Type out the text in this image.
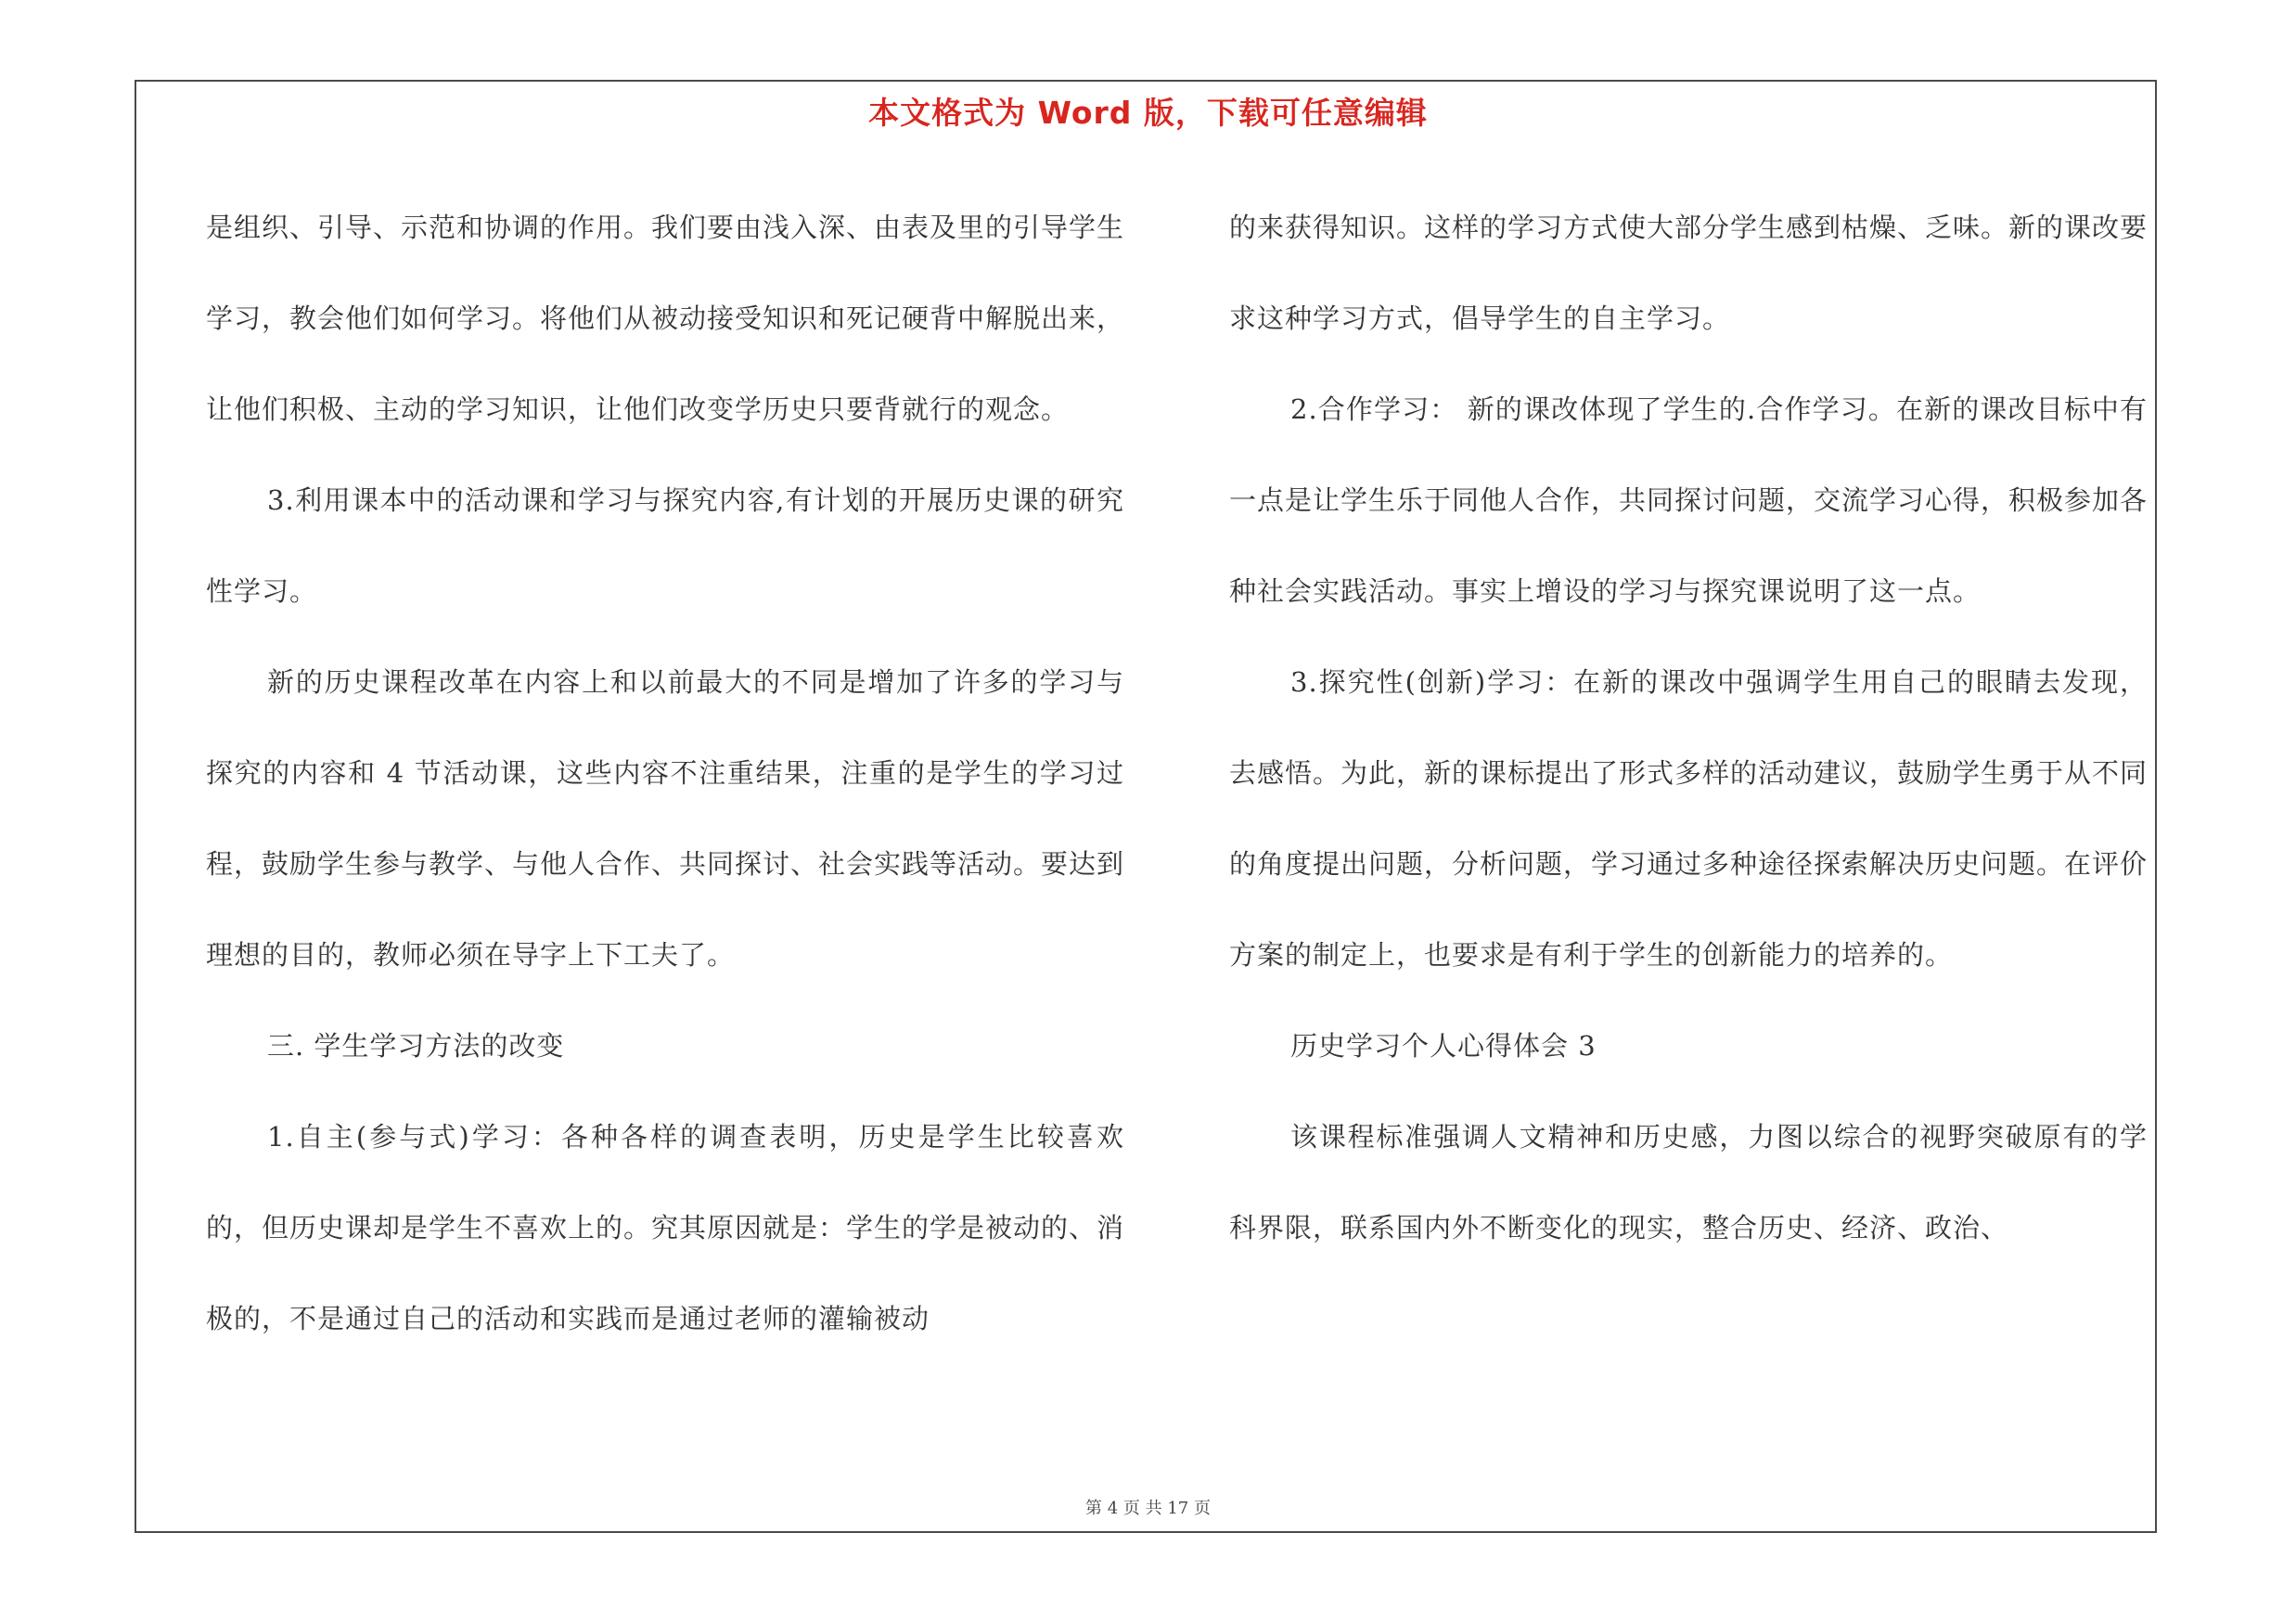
本文格式为 Word 版，下载可任意编辑

是组织、引导、示范和协调的作用。我们要由浅入深、由表及里的引导学生学习，教会他们如何学习。将他们从被动接受知识和死记硬背中解脱出来，让他们积极、主动的学习知识，让他们改变学历史只要背就行的观念。

3.利用课本中的活动课和学习与探究内容,有计划的开展历史课的研究性学习。

新的历史课程改革在内容上和以前最大的不同是增加了许多的学习与探究的内容和 4 节活动课，这些内容不注重结果，注重的是学生的学习过程，鼓励学生参与教学、与他人合作、共同探讨、社会实践等活动。要达到理想的目的，教师必须在导字上下工夫了。

三. 学生学习方法的改变

1.自主(参与式)学习：各种各样的调查表明，历史是学生比较喜欢的，但历史课却是学生不喜欢上的。究其原因就是：学生的学是被动的、消极的，不是通过自己的活动和实践而是通过老师的灌输被动

的来获得知识。这样的学习方式使大部分学生感到枯燥、乏味。新的课改要求这种学习方式，倡导学生的自主学习。

2.合作学习： 新的课改体现了学生的.合作学习。在新的课改目标中有一点是让学生乐于同他人合作，共同探讨问题，交流学习心得，积极参加各种社会实践活动。事实上增设的学习与探究课说明了这一点。

3.探究性(创新)学习：在新的课改中强调学生用自己的眼睛去发现，去感悟。为此，新的课标提出了形式多样的活动建议，鼓励学生勇于从不同的角度提出问题，分析问题，学习通过多种途径探索解决历史问题。在评价方案的制定上，也要求是有利于学生的创新能力的培养的。

历史学习个人心得体会 3

该课程标准强调人文精神和历史感，力图以综合的视野突破原有的学科界限，联系国内外不断变化的现实，整合历史、经济、政治、

第 4 页 共 17 页
